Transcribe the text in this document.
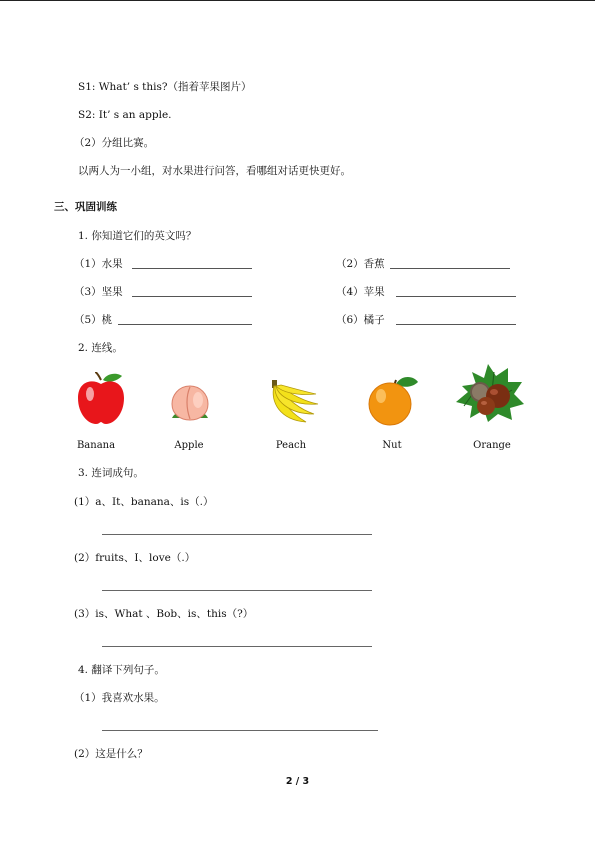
S1: What’ s this?（指着苹果图片）
S2: It’ s an apple.
（2）分组比赛。
以两人为一小组，对水果进行问答，看哪组对话更快更好。
三、巩固训练
1. 你知道它们的英文吗？
（1）水果	（2）香蕉
（3）坚果	（4）苹果
（5）桃	（6）橘子
2. 连线。
Banana	Apple	Peach	Nut	Orange
3. 连词成句。
(1）a、It、banana、is（.）
(2）fruits、I、love（.）
(3）is、What 、Bob、is、this（?）
4. 翻译下列句子。
（1）我喜欢水果。
(2）这是什么？
2 / 3
